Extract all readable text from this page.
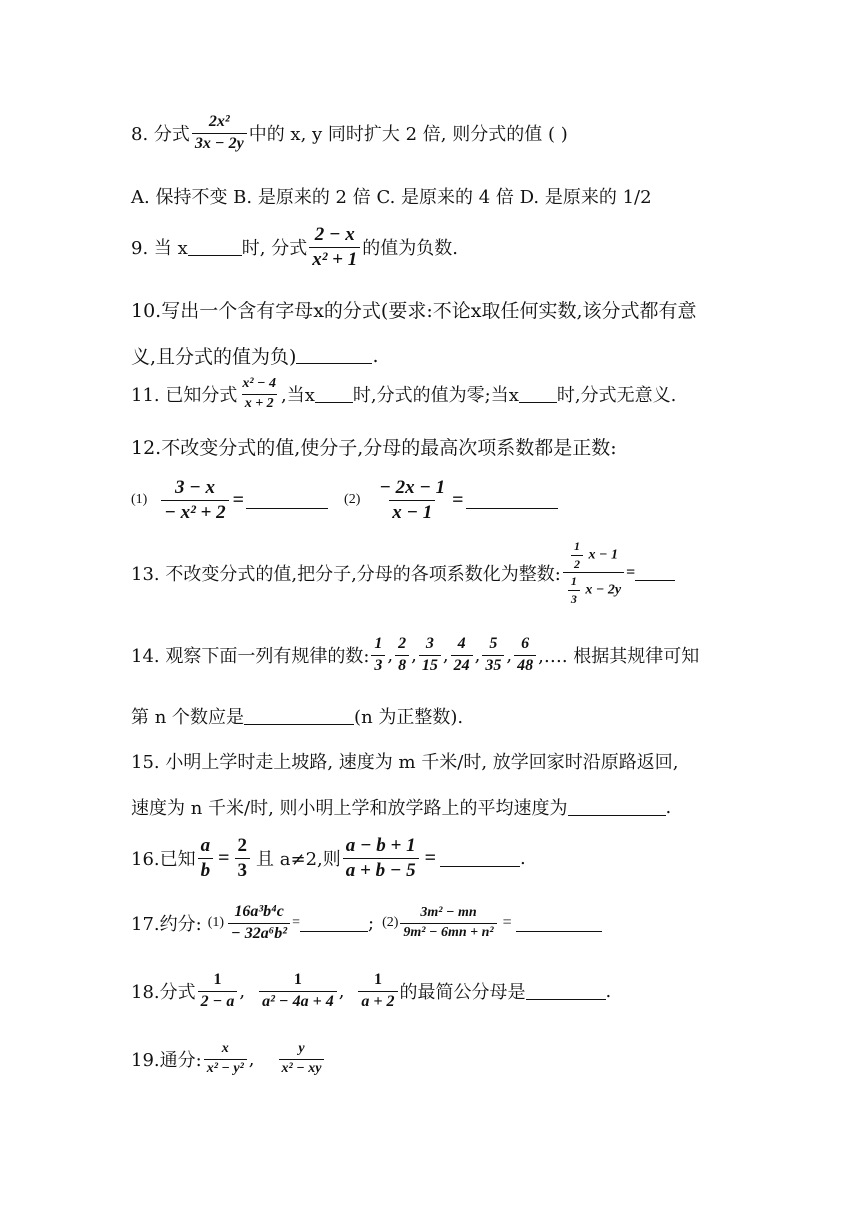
8. 分式 $\frac{\text{2x²}}{3x - 2y}$ 中的 x, y 同时扩大 2 倍, 则分式的值 ( )
A. 保持不变 B. 是原来的 2 倍 C. 是原来的 4 倍 D. 是原来的 1/2
9. 当 x	时, 分式 $\frac{2 - x}{\text{x² + 1}}$ 的值为负数.
10.写出一个含有字母x的分式(要求:不论x取任何实数,该分式都有意
义,且分式的值为负)	.
11. 已知分式 $\frac{\text{x² − 4}}{x + 2}$ ,当x 时,分式的值为零;当x 时,分式无意义.
12.不改变分式的值,使分子,分母的最高次项系数都是正数:
$(1) \frac{3 - x}{\text{− x² + 2}}$ =	$(2) \frac{- 2x - 1}{x - 1}$ =
13. 不改变分式的值,把分子,分母的各项系数化为整数: $\frac{\frac{1}{2} x - 1}{\frac{1}{3} x - 2y}$ =
14. 观察下面一列有规律的数: $\frac{1}{3}$ , $\frac{2}{8}$ , $\frac{3}{15}$ , $\frac{4}{24}$ , $\frac{5}{35}$ , $\frac{6}{48}$ ,…. 根据其规律可知
第 n 个数应是	(n 为正整数).
15. 小明上学时走上坡路, 速度为 m 千米/时, 放学回家时沿原路返回,
速度为 n 千米/时, 则小明上学和放学路上的平均速度为	.
16.已知 $\frac{a}{b} = \frac{2}{3}$ 且 a≠2,则 $\frac{a - b + 1}{a + b - 5}$ =	.
17.约分: $(1) \frac{\text{16a³b⁴c}}{\text{− 32a⁶b²}}$ =	; $(2) \frac{\text{3m² − mn}}{\text{9m² − 6mn + n²}}$ =
18.分式 $\frac{1}{2 - a}$ , $\frac{1}{\text{a² − 4a + 4}}$ , $\frac{1}{a + 2}$ 的最简公分母是	.
19.通分: $\frac{x}{\text{x² − y²}}$ , $\frac{y}{\text{x² − xy}}$
